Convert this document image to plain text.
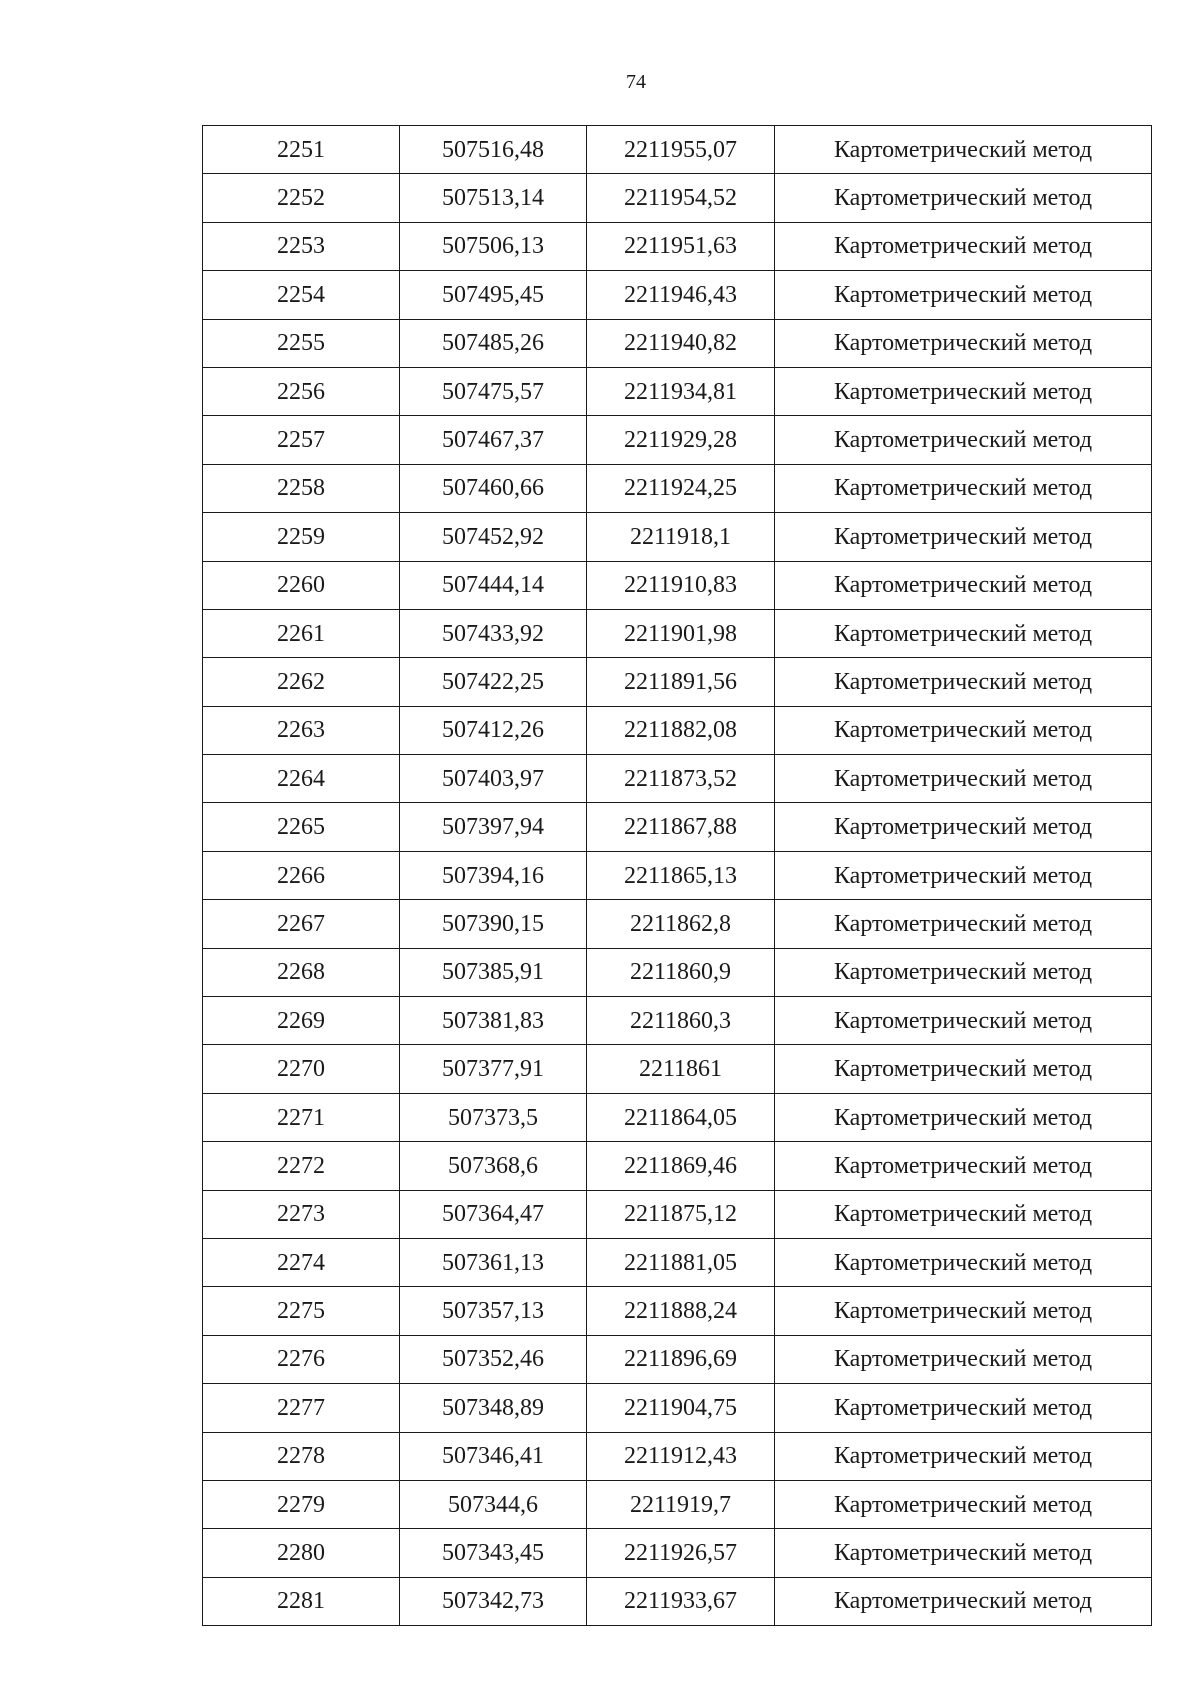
74
2251	507516,48	2211955,07	Картометрический метод
2252	507513,14	2211954,52	Картометрический метод
2253	507506,13	2211951,63	Картометрический метод
2254	507495,45	2211946,43	Картометрический метод
2255	507485,26	2211940,82	Картометрический метод
2256	507475,57	2211934,81	Картометрический метод
2257	507467,37	2211929,28	Картометрический метод
2258	507460,66	2211924,25	Картометрический метод
2259	507452,92	2211918,1	Картометрический метод
2260	507444,14	2211910,83	Картометрический метод
2261	507433,92	2211901,98	Картометрический метод
2262	507422,25	2211891,56	Картометрический метод
2263	507412,26	2211882,08	Картометрический метод
2264	507403,97	2211873,52	Картометрический метод
2265	507397,94	2211867,88	Картометрический метод
2266	507394,16	2211865,13	Картометрический метод
2267	507390,15	2211862,8	Картометрический метод
2268	507385,91	2211860,9	Картометрический метод
2269	507381,83	2211860,3	Картометрический метод
2270	507377,91	2211861	Картометрический метод
2271	507373,5	2211864,05	Картометрический метод
2272	507368,6	2211869,46	Картометрический метод
2273	507364,47	2211875,12	Картометрический метод
2274	507361,13	2211881,05	Картометрический метод
2275	507357,13	2211888,24	Картометрический метод
2276	507352,46	2211896,69	Картометрический метод
2277	507348,89	2211904,75	Картометрический метод
2278	507346,41	2211912,43	Картометрический метод
2279	507344,6	2211919,7	Картометрический метод
2280	507343,45	2211926,57	Картометрический метод
2281	507342,73	2211933,67	Картометрический метод
